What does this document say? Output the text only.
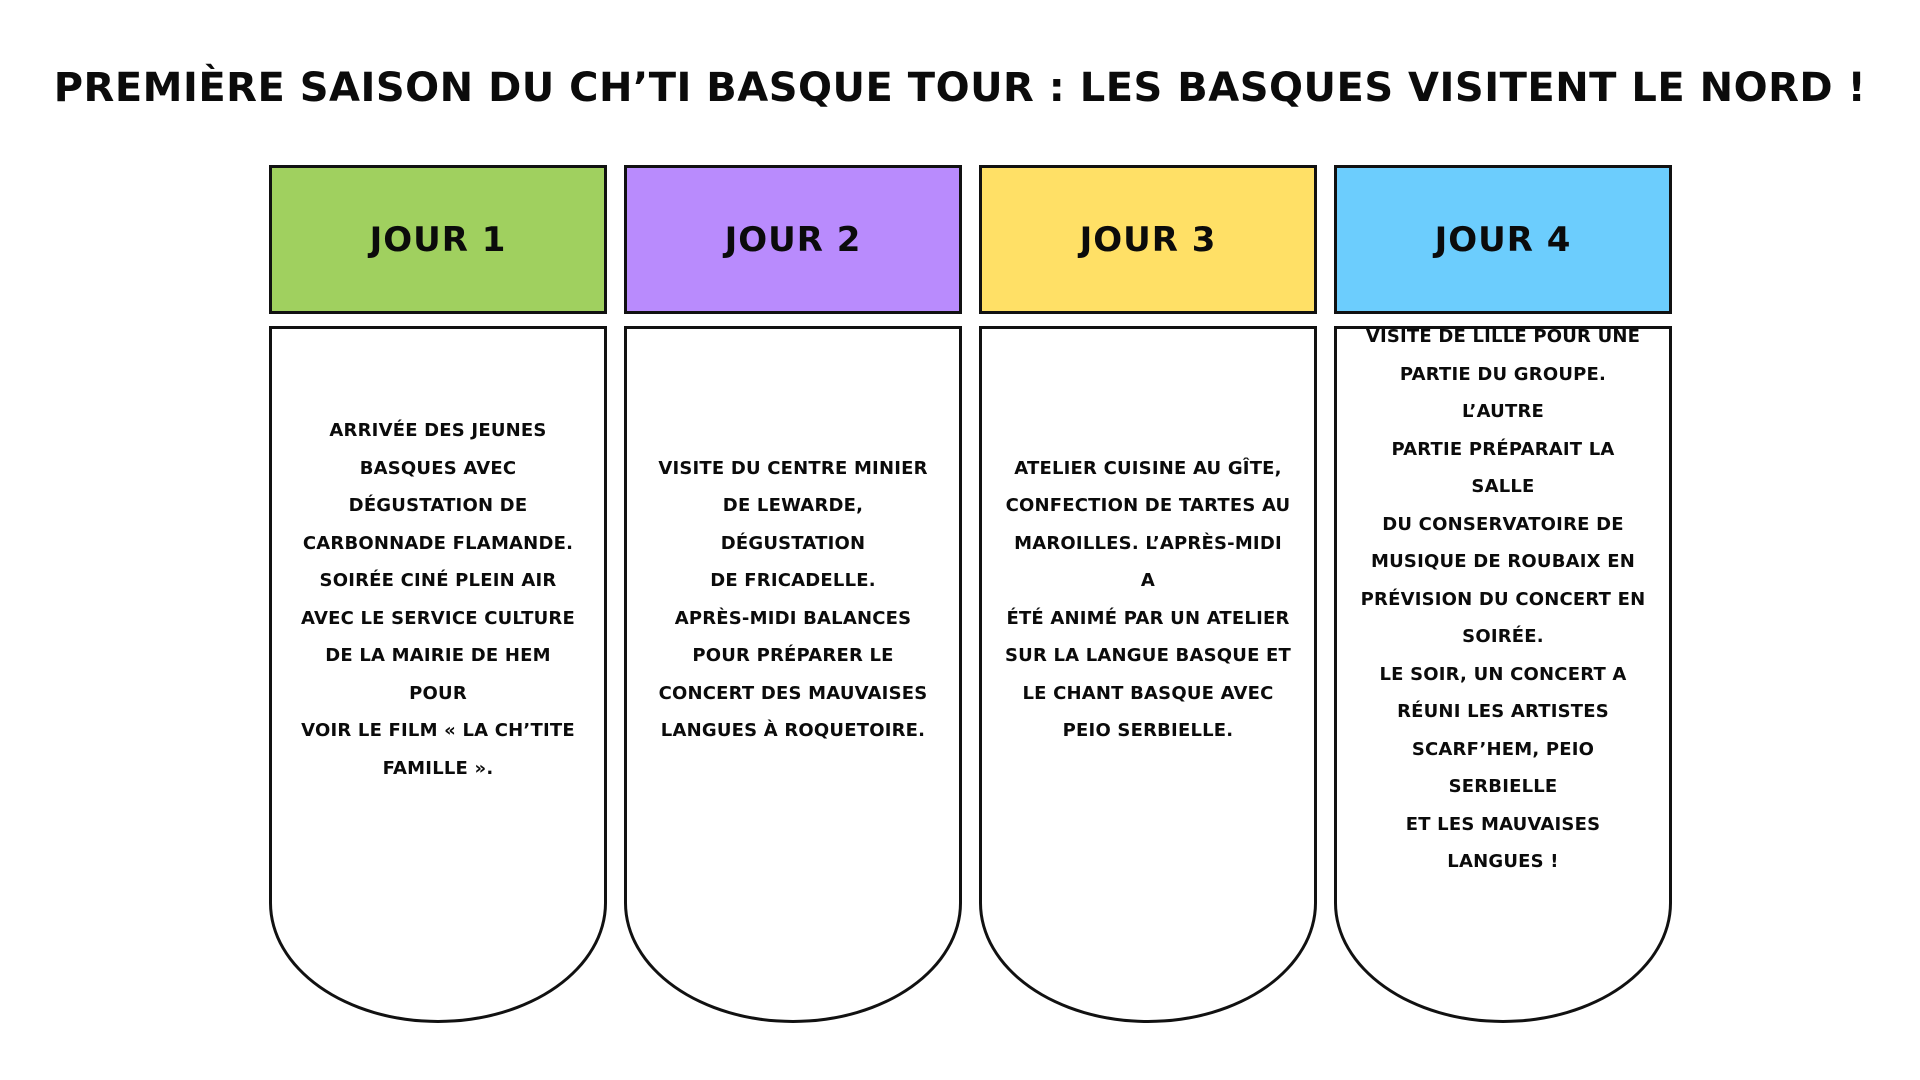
PREMIÈRE SAISON DU CH’TI BASQUE TOUR : LES BASQUES VISITENT LE NORD !
JOUR 1
ARRIVÉE DES JEUNES
BASQUES AVEC
DÉGUSTATION DE
CARBONNADE FLAMANDE.
SOIRÉE CINÉ PLEIN AIR
AVEC LE SERVICE CULTURE
DE LA MAIRIE DE HEM POUR
VOIR LE FILM « LA CH’TITE
FAMILLE ».
JOUR 2
VISITE DU CENTRE MINIER
DE LEWARDE, DÉGUSTATION
DE FRICADELLE.
APRÈS-MIDI BALANCES
POUR PRÉPARER LE
CONCERT DES MAUVAISES
LANGUES À ROQUETOIRE.
JOUR 3
ATELIER CUISINE AU GÎTE,
CONFECTION DE TARTES AU
MAROILLES. L’APRÈS-MIDI A
ÉTÉ ANIMÉ PAR UN ATELIER
SUR LA LANGUE BASQUE ET
LE CHANT BASQUE AVEC
PEIO SERBIELLE.
JOUR 4
VISITE DE LILLE POUR UNE
PARTIE DU GROUPE. L’AUTRE
PARTIE PRÉPARAIT LA SALLE
DU CONSERVATOIRE DE
MUSIQUE DE ROUBAIX EN
PRÉVISION DU CONCERT EN
SOIRÉE.
LE SOIR, UN CONCERT A
RÉUNI LES ARTISTES
SCARF’HEM, PEIO SERBIELLE
ET LES MAUVAISES LANGUES !
